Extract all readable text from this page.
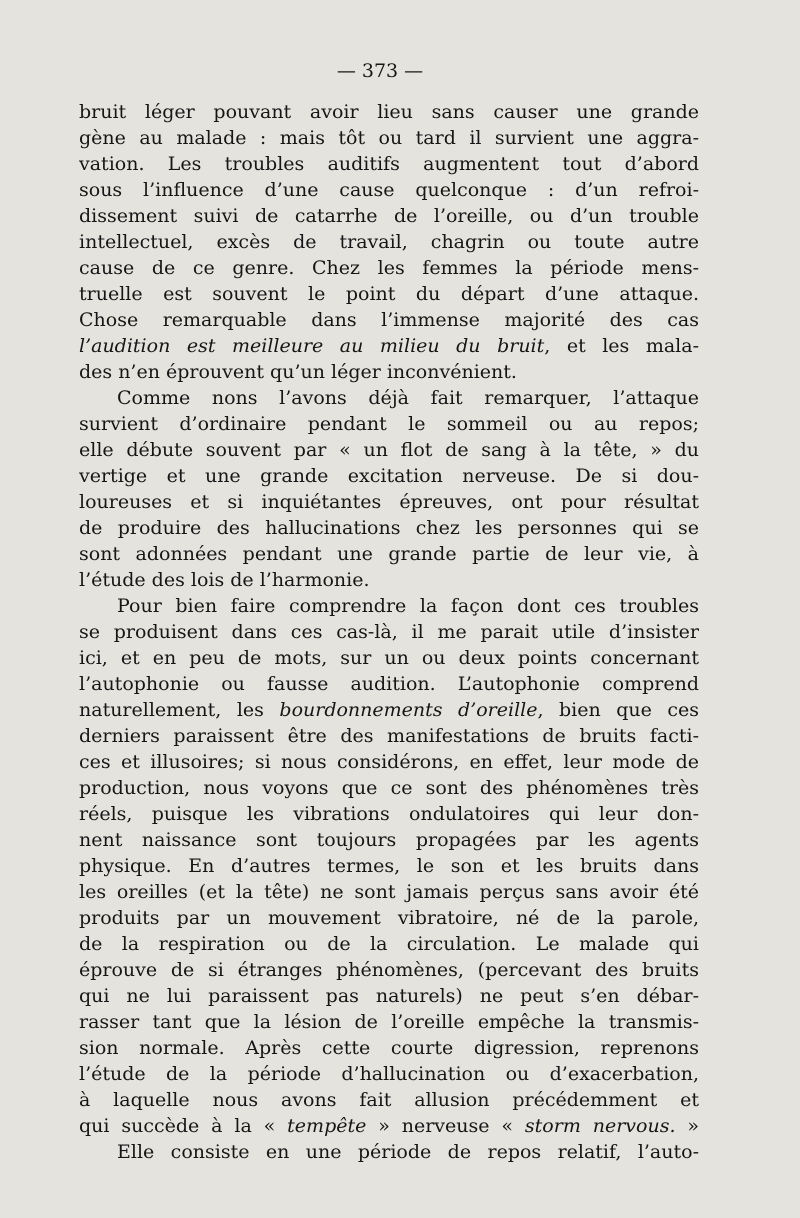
— 373 —
bruit léger pouvant avoir lieu sans causer une grande
gène au malade : mais tôt ou tard il survient une aggra-
vation. Les troubles auditifs augmentent tout d’abord
sous l’influence d’une cause quelconque : d’un refroi-
dissement suivi de catarrhe de l’oreille, ou d’un trouble
intellectuel, excès de travail, chagrin ou toute autre
cause de ce genre. Chez les femmes la période mens-
truelle est souvent le point du départ d’une attaque.
Chose remarquable dans l’immense majorité des cas
l’audition est meilleure au milieu du bruit, et les mala-
des n’en éprouvent qu’un léger inconvénient.
Comme nons l’avons déjà fait remarquer, l’attaque
survient d’ordinaire pendant le sommeil ou au repos;
elle débute souvent par « un flot de sang à la tête, » du
vertige et une grande excitation nerveuse. De si dou-
loureuses et si inquiétantes épreuves, ont pour résultat
de produire des hallucinations chez les personnes qui se
sont adonnées pendant une grande partie de leur vie, à
l’étude des lois de l’harmonie.
Pour bien faire comprendre la façon dont ces troubles
se produisent dans ces cas-là, il me parait utile d’insister
ici, et en peu de mots, sur un ou deux points concernant
l’autophonie ou fausse audition. L’autophonie comprend
naturellement, les bourdonnements d’oreille, bien que ces
derniers paraissent être des manifestations de bruits facti-
ces et illusoires; si nous considérons, en effet, leur mode de
production, nous voyons que ce sont des phénomènes très
réels, puisque les vibrations ondulatoires qui leur don-
nent naissance sont toujours propagées par les agents
physique. En d’autres termes, le son et les bruits dans
les oreilles (et la tête) ne sont jamais perçus sans avoir été
produits par un mouvement vibratoire, né de la parole,
de la respiration ou de la circulation. Le malade qui
éprouve de si étranges phénomènes, (percevant des bruits
qui ne lui paraissent pas naturels) ne peut s’en débar-
rasser tant que la lésion de l’oreille empêche la transmis-
sion normale. Après cette courte digression, reprenons
l’étude de la période d’hallucination ou d’exacerbation,
à laquelle nous avons fait allusion précédemment et
qui succède à la « tempête » nerveuse « storm nervous. »
Elle consiste en une période de repos relatif, l’auto-
